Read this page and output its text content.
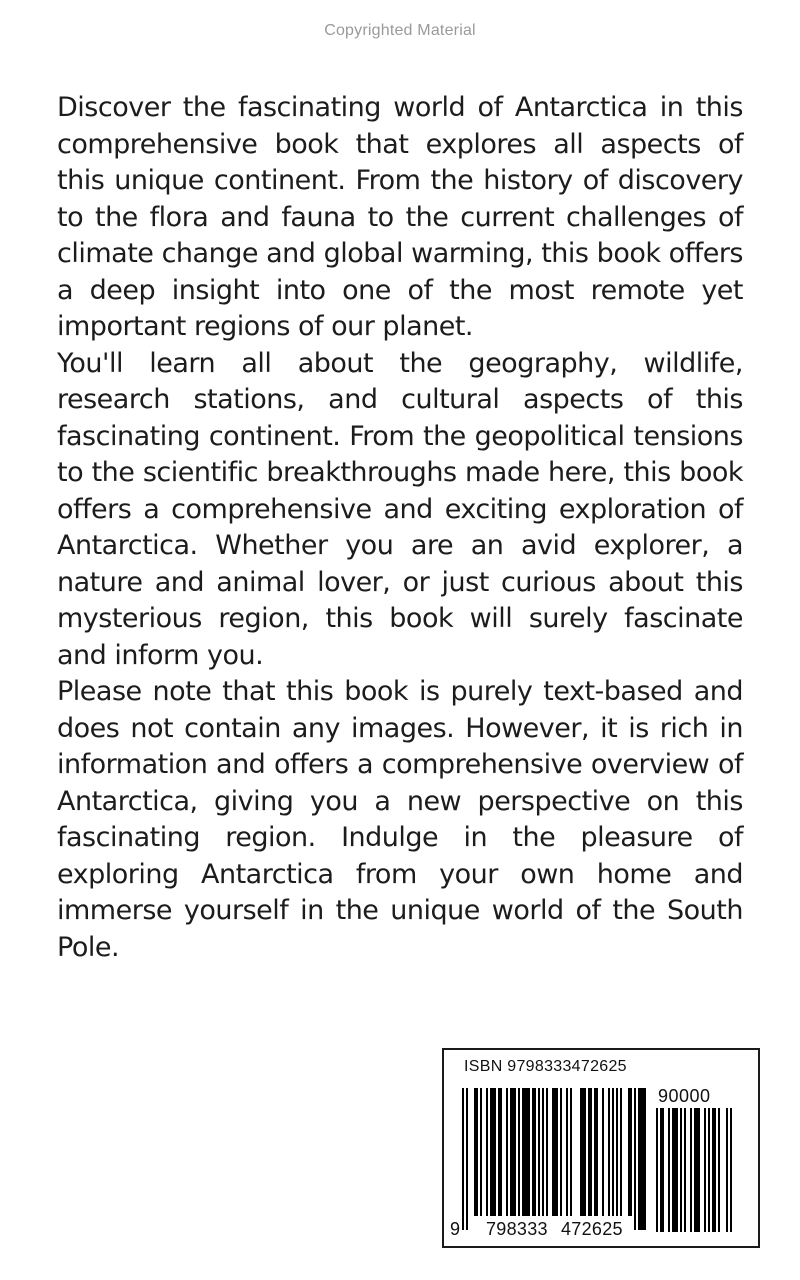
Copyrighted Material

Discover the fascinating world of Antarctica in this comprehensive book that explores all aspects of this unique continent. From the history of discovery to the flora and fauna to the current challenges of climate change and global warming, this book offers a deep insight into one of the most remote yet important regions of our planet.

You'll learn all about the geography, wildlife, research stations, and cultural aspects of this fascinating continent. From the geopolitical tensions to the scientific breakthroughs made here, this book offers a comprehensive and exciting exploration of Antarctica. Whether you are an avid explorer, a nature and animal lover, or just curious about this mysterious region, this book will surely fascinate and inform you.

Please note that this book is purely text-based and does not contain any images. However, it is rich in information and offers a comprehensive overview of Antarctica, giving you a new perspective on this fascinating region. Indulge in the pleasure of exploring Antarctica from your own home and immerse yourself in the unique world of the South Pole.

ISBN 9798333472625
90000
9 798333 472625
